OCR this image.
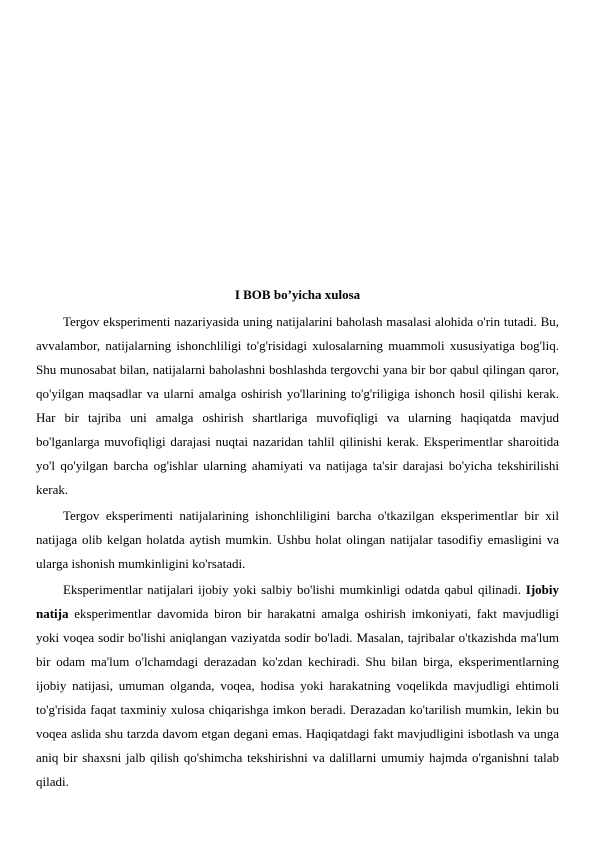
I BOB bo’yicha xulosa

Tergov eksperimenti nazariyasida uning natijalarini baholash masalasi alohida o'rin tutadi. Bu, avvalambor, natijalarning ishonchliligi to'g'risidagi xulosalarning muammoli xususiyatiga bog'liq. Shu munosabat bilan, natijalarni baholashni boshlashda tergovchi yana bir bor qabul qilingan qaror, qo'yilgan maqsadlar va ularni amalga oshirish yo'llarining to'g'riligiga ishonch hosil qilishi kerak. Har bir tajriba uni amalga oshirish shartlariga muvofiqligi va ularning haqiqatda mavjud bo'lganlarga muvofiqligi darajasi nuqtai nazaridan tahlil qilinishi kerak. Eksperimentlar sharoitida yo'l qo'yilgan barcha og'ishlar ularning ahamiyati va natijaga ta'sir darajasi bo'yicha tekshirilishi kerak.

Tergov eksperimenti natijalarining ishonchliligini barcha o'tkazilgan eksperimentlar bir xil natijaga olib kelgan holatda aytish mumkin. Ushbu holat olingan natijalar tasodifiy emasligini va ularga ishonish mumkinligini ko'rsatadi.

Eksperimentlar natijalari ijobiy yoki salbiy bo'lishi mumkinligi odatda qabul qilinadi. Ijobiy natija eksperimentlar davomida biron bir harakatni amalga oshirish imkoniyati, fakt mavjudligi yoki voqea sodir bo'lishi aniqlangan vaziyatda sodir bo'ladi. Masalan, tajribalar o'tkazishda ma'lum bir odam ma'lum o'lchamdagi derazadan ko'zdan kechiradi. Shu bilan birga, eksperimentlarning ijobiy natijasi, umuman olganda, voqea, hodisa yoki harakatning voqelikda mavjudligi ehtimoli to'g'risida faqat taxminiy xulosa chiqarishga imkon beradi. Derazadan ko'tarilish mumkin, lekin bu voqea aslida shu tarzda davom etgan degani emas. Haqiqatdagi fakt mavjudligini isbotlash va unga aniq bir shaxsni jalb qilish qo'shimcha tekshirishni va dalillarni umumiy hajmda o'rganishni talab qiladi.
